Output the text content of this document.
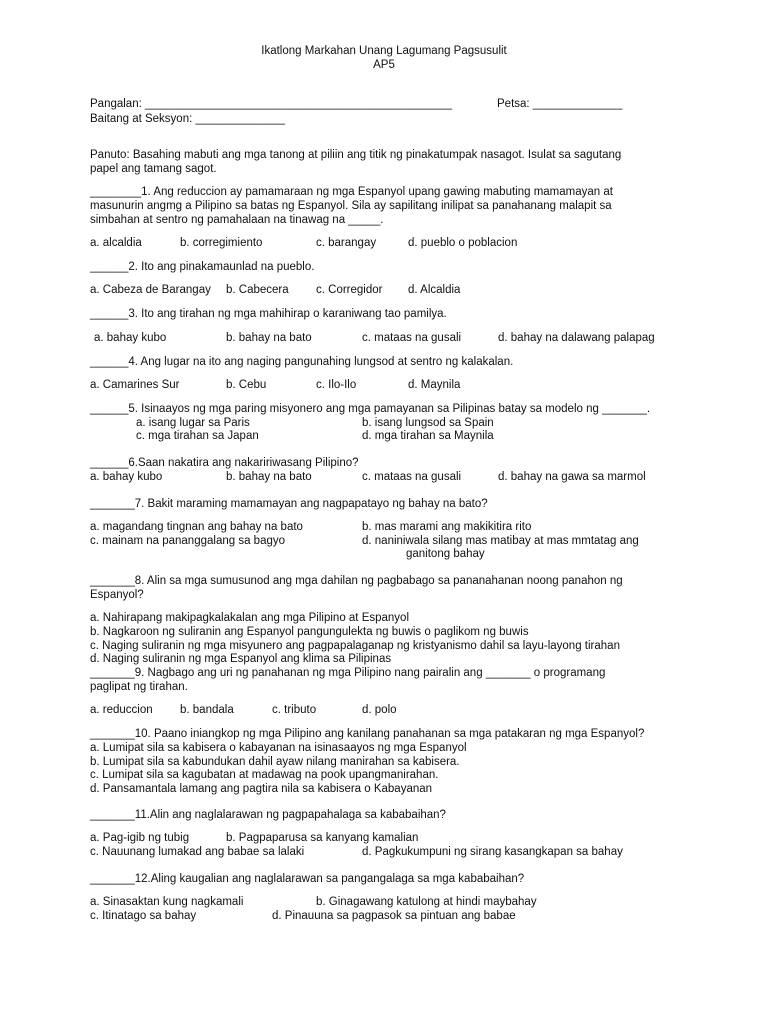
Ikatlong Markahan Unang Lagumang Pagsusulit
AP5
Pangalan: ________________________________________________	Petsa: ______________
Baitang at Seksyon: ______________
Panuto: Basahing mabuti ang mga tanong at piliin ang titik ng pinakatumpak nasagot. Isulat sa sagutang
papel ang tamang sagot.
________1. Ang reduccion ay pamamaraan ng mga Espanyol upang gawing mabuting mamamayan at
masunurin angmg a Pilipino sa batas ng Espanyol. Sila ay sapilitang inilipat sa panahanang malapit sa
simbahan at sentro ng pamahalaan na tinawag na _____.
a. alcaldia	b. corregimiento	c. barangay	d. pueblo o poblacion
______2. Ito ang pinakamaunlad na pueblo.
a. Cabeza de Barangay b. Cabecera c. Corregidor d. Alcaldia
______3. Ito ang tirahan ng mga mahihirap o karaniwang tao pamilya.
a. bahay kubo	b. bahay na bato	c. mataas na gusali	d. bahay na dalawang palapag
______4. Ang lugar na ito ang naging pangunahing lungsod at sentro ng kalakalan.
a. Camarines Sur	b. Cebu	c. Ilo-Ilo	d. Maynila
______5. Isinaayos ng mga paring misyonero ang mga pamayanan sa Pilipinas batay sa modelo ng _______.
a. isang lugar sa Paris	b. isang lungsod sa Spain
c. mga tirahan sa Japan	d. mga tirahan sa Maynila
______6.Saan nakatira ang nakaririwasang Pilipino?
a. bahay kubo	b. bahay na bato	c. mataas na gusali	d. bahay na gawa sa marmol
_______7. Bakit maraming mamamayan ang nagpapatayo ng bahay na bato?
a. magandang tingnan ang bahay na bato	b. mas marami ang makikitira rito
c. mainam na pananggalang sa bagyo	d. naniniwala silang mas matibay at mas mmtatag ang
ganitong bahay
_______8. Alin sa mga sumusunod ang mga dahilan ng pagbabago sa pananahanan noong panahon ng
Espanyol?
a. Nahirapang makipagkalakalan ang mga Pilipino at Espanyol
b. Nagkaroon ng suliranin ang Espanyol pangungulekta ng buwis o paglikom ng buwis
c. Naging suliranin ng mga misyunero ang pagpapalaganap ng kristyanismo dahil sa layu-layong tirahan
d. Naging suliranin ng mga Espanyol ang klima sa Pilipinas
_______9. Nagbago ang uri ng panahanan ng mga Pilipino nang pairalin ang _______ o programang
paglipat ng tirahan.
a. reduccion b. bandala	c. tributo	d. polo
_______10. Paano iniangkop ng mga Pilipino ang kanilang panahanan sa mga patakaran ng mga Espanyol?
a. Lumipat sila sa kabisera o kabayanan na isinasaayos ng mga Espanyol
b. Lumipat sila sa kabundukan dahil ayaw nilang manirahan sa kabisera.
c. Lumipat sila sa kagubatan at madawag na pook upangmanirahan.
d. Pansamantala lamang ang pagtira nila sa kabisera o Kabayanan
_______11.Alin ang naglalarawan ng pagpapahalaga sa kababaihan?
a. Pag-igib ng tubig	b. Pagpaparusa sa kanyang kamalian
c. Nauunang lumakad ang babae sa lalaki	d. Pagkukumpuni ng sirang kasangkapan sa bahay
_______12.Aling kaugalian ang naglalarawan sa pangangalaga sa mga kababaihan?
a. Sinasaktan kung nagkamali	b. Ginagawang katulong at hindi maybahay
c. Itinatago sa bahay	d. Pinauuna sa pagpasok sa pintuan ang babae
